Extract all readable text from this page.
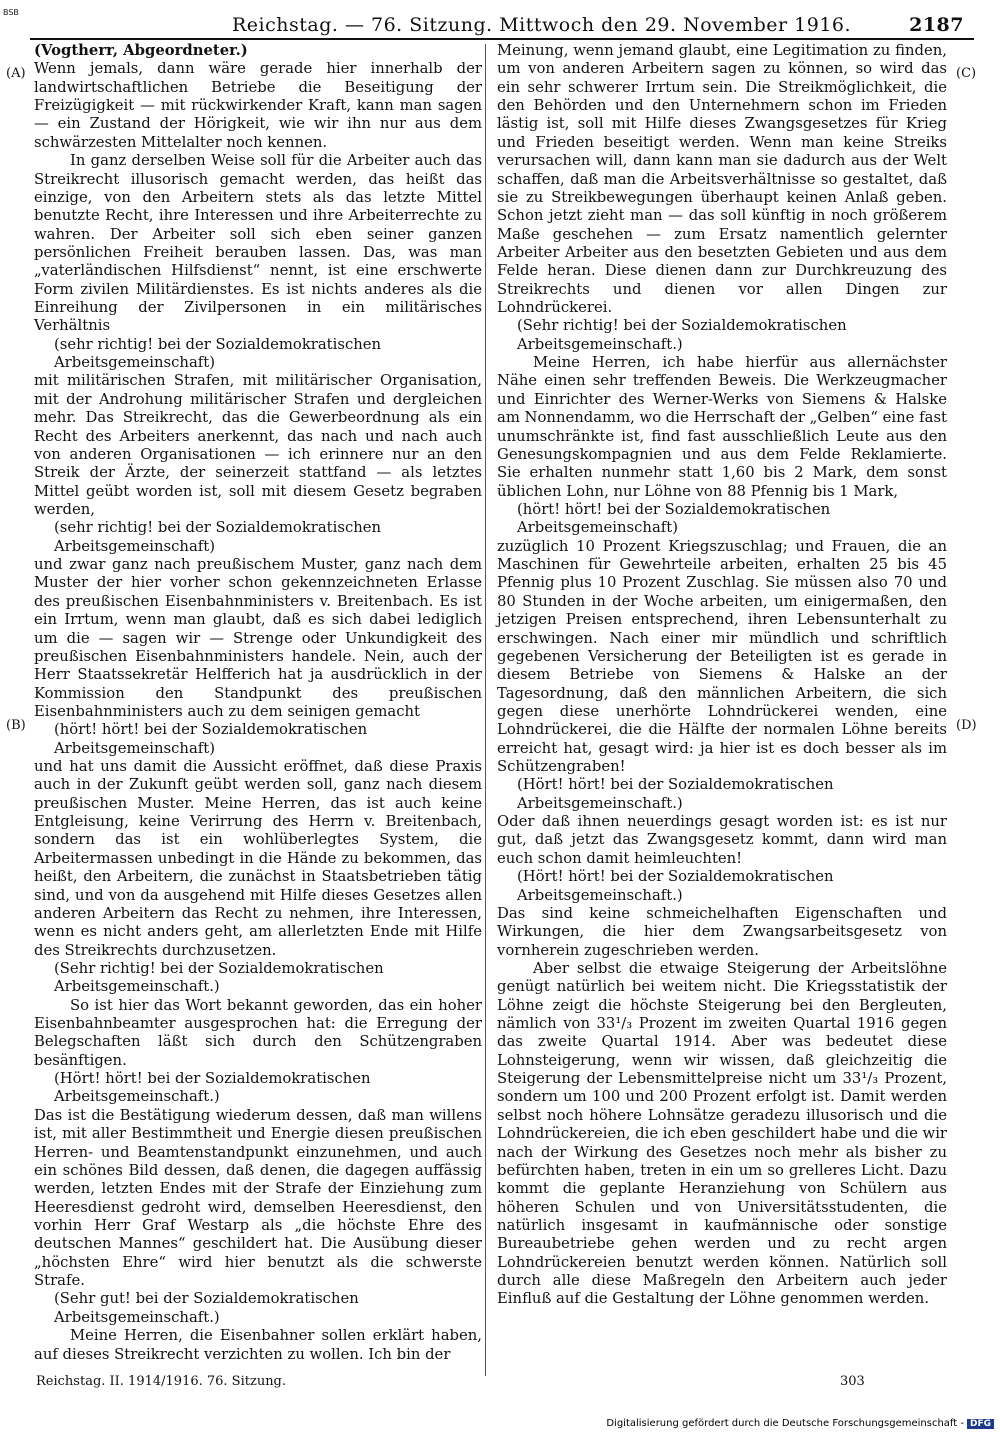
BSB
Reichstag. — 76. Sitzung. Mittwoch den 29. November 1916.	2187
(A)
(B)
(C)
(D)

(Vogtherr, Abgeordneter.)

Wenn jemals, dann wäre gerade hier innerhalb der landwirtschaftlichen Betriebe die Beseitigung der Freizügigkeit — mit rückwirkender Kraft, kann man sagen — ein Zustand der Hörigkeit, wie wir ihn nur aus dem schwärzesten Mittelalter noch kennen.

In ganz derselben Weise soll für die Arbeiter auch das Streikrecht illusorisch gemacht werden, das heißt das einzige, von den Arbeitern stets als das letzte Mittel benutzte Recht, ihre Interessen und ihre Arbeiterrechte zu wahren. Der Arbeiter soll sich eben seiner ganzen persönlichen Freiheit berauben lassen. Das, was man „vaterländischen Hilfsdienst“ nennt, ist eine erschwerte Form zivilen Militärdienstes. Es ist nichts anderes als die Einreihung der Zivilpersonen in ein militärisches Verhältnis

(sehr richtig! bei der Sozialdemokratischen Arbeitsgemeinschaft)

mit militärischen Strafen, mit militärischer Organisation, mit der Androhung militärischer Strafen und dergleichen mehr. Das Streikrecht, das die Gewerbeordnung als ein Recht des Arbeiters anerkennt, das nach und nach auch von anderen Organisationen — ich erinnere nur an den Streik der Ärzte, der seinerzeit stattfand — als letztes Mittel geübt worden ist, soll mit diesem Gesetz begraben werden,

(sehr richtig! bei der Sozialdemokratischen Arbeitsgemeinschaft)

und zwar ganz nach preußischem Muster, ganz nach dem Muster der hier vorher schon gekennzeichneten Erlasse des preußischen Eisenbahnministers v. Breitenbach. Es ist ein Irrtum, wenn man glaubt, daß es sich dabei lediglich um die — sagen wir — Strenge oder Unkundigkeit des preußischen Eisenbahnministers handele. Nein, auch der Herr Staatssekretär Helfferich hat ja ausdrücklich in der Kommission den Standpunkt des preußischen Eisenbahnministers auch zu dem seinigen gemacht

(hört! hört! bei der Sozialdemokratischen Arbeitsgemeinschaft)

und hat uns damit die Aussicht eröffnet, daß diese Praxis auch in der Zukunft geübt werden soll, ganz nach diesem preußischen Muster. Meine Herren, das ist auch keine Entgleisung, keine Verirrung des Herrn v. Breitenbach, sondern das ist ein wohlüberlegtes System, die Arbeitermassen unbedingt in die Hände zu bekommen, das heißt, den Arbeitern, die zunächst in Staatsbetrieben tätig sind, und von da ausgehend mit Hilfe dieses Gesetzes allen anderen Arbeitern das Recht zu nehmen, ihre Interessen, wenn es nicht anders geht, am allerletzten Ende mit Hilfe des Streikrechts durchzusetzen.

(Sehr richtig! bei der Sozialdemokratischen Arbeitsgemeinschaft.)

So ist hier das Wort bekannt geworden, das ein hoher Eisenbahnbeamter ausgesprochen hat: die Erregung der Belegschaften läßt sich durch den Schützengraben besänftigen.

(Hört! hört! bei der Sozialdemokratischen Arbeitsgemeinschaft.)

Das ist die Bestätigung wiederum dessen, daß man willens ist, mit aller Bestimmtheit und Energie diesen preußischen Herren- und Beamtenstandpunkt einzunehmen, und auch ein schönes Bild dessen, daß denen, die dagegen auffässig werden, letzten Endes mit der Strafe der Einziehung zum Heeresdienst gedroht wird, demselben Heeresdienst, den vorhin Herr Graf Westarp als „die höchste Ehre des deutschen Mannes“ geschildert hat. Die Ausübung dieser „höchsten Ehre“ wird hier benutzt als die schwerste Strafe.

(Sehr gut! bei der Sozialdemokratischen Arbeitsgemeinschaft.)

Meine Herren, die Eisenbahner sollen erklärt haben, auf dieses Streikrecht verzichten zu wollen. Ich bin der

Meinung, wenn jemand glaubt, eine Legitimation zu finden, um von anderen Arbeitern sagen zu können, so wird das ein sehr schwerer Irrtum sein. Die Streikmöglichkeit, die den Behörden und den Unternehmern schon im Frieden lästig ist, soll mit Hilfe dieses Zwangsgesetzes für Krieg und Frieden beseitigt werden. Wenn man keine Streiks verursachen will, dann kann man sie dadurch aus der Welt schaffen, daß man die Arbeitsverhältnisse so gestaltet, daß sie zu Streikbewegungen überhaupt keinen Anlaß geben. Schon jetzt zieht man — das soll künftig in noch größerem Maße geschehen — zum Ersatz namentlich gelernter Arbeiter Arbeiter aus den besetzten Gebieten und aus dem Felde heran. Diese dienen dann zur Durchkreuzung des Streikrechts und dienen vor allen Dingen zur Lohndrückerei.

(Sehr richtig! bei der Sozialdemokratischen Arbeitsgemeinschaft.)

Meine Herren, ich habe hierfür aus allernächster Nähe einen sehr treffenden Beweis. Die Werkzeugmacher und Einrichter des Werner-Werks von Siemens & Halske am Nonnendamm, wo die Herrschaft der „Gelben“ eine fast unumschränkte ist, find fast ausschließlich Leute aus den Genesungskompagnien und aus dem Felde Reklamierte. Sie erhalten nunmehr statt 1,60 bis 2 Mark, dem sonst üblichen Lohn, nur Löhne von 88 Pfennig bis 1 Mark,

(hört! hört! bei der Sozialdemokratischen Arbeitsgemeinschaft)

zuzüglich 10 Prozent Kriegszuschlag; und Frauen, die an Maschinen für Gewehrteile arbeiten, erhalten 25 bis 45 Pfennig plus 10 Prozent Zuschlag. Sie müssen also 70 und 80 Stunden in der Woche arbeiten, um einigermaßen, den jetzigen Preisen entsprechend, ihren Lebensunterhalt zu erschwingen. Nach einer mir mündlich und schriftlich gegebenen Versicherung der Beteiligten ist es gerade in diesem Betriebe von Siemens & Halske an der Tagesordnung, daß den männlichen Arbeitern, die sich gegen diese unerhörte Lohndrückerei wenden, eine Lohndrückerei, die die Hälfte der normalen Löhne bereits erreicht hat, gesagt wird: ja hier ist es doch besser als im Schützengraben!

(Hört! hört! bei der Sozialdemokratischen Arbeitsgemeinschaft.)

Oder daß ihnen neuerdings gesagt worden ist: es ist nur gut, daß jetzt das Zwangsgesetz kommt, dann wird man euch schon damit heimleuchten!

(Hört! hört! bei der Sozialdemokratischen Arbeitsgemeinschaft.)

Das sind keine schmeichelhaften Eigenschaften und Wirkungen, die hier dem Zwangsarbeitsgesetz von vornherein zugeschrieben werden.

Aber selbst die etwaige Steigerung der Arbeitslöhne genügt natürlich bei weitem nicht. Die Kriegsstatistik der Löhne zeigt die höchste Steigerung bei den Bergleuten, nämlich von 33¹/₃ Prozent im zweiten Quartal 1916 gegen das zweite Quartal 1914. Aber was bedeutet diese Lohnsteigerung, wenn wir wissen, daß gleichzeitig die Steigerung der Lebensmittelpreise nicht um 33¹/₃ Prozent, sondern um 100 und 200 Prozent erfolgt ist. Damit werden selbst noch höhere Lohnsätze geradezu illusorisch und die Lohndrückereien, die ich eben geschildert habe und die wir nach der Wirkung des Gesetzes noch mehr als bisher zu befürchten haben, treten in ein um so grelleres Licht. Dazu kommt die geplante Heranziehung von Schülern aus höheren Schulen und von Universitätsstudenten, die natürlich insgesamt in kaufmännische oder sonstige Bureaubetriebe gehen werden und zu recht argen Lohndrückereien benutzt werden können. Natürlich soll durch alle diese Maßregeln den Arbeitern auch jeder Einfluß auf die Gestaltung der Löhne genommen werden.

Reichstag. II. 1914/1916. 76. Sitzung.	303
Digitalisierung gefördert durch die Deutsche Forschungsgemeinschaft - DFG
